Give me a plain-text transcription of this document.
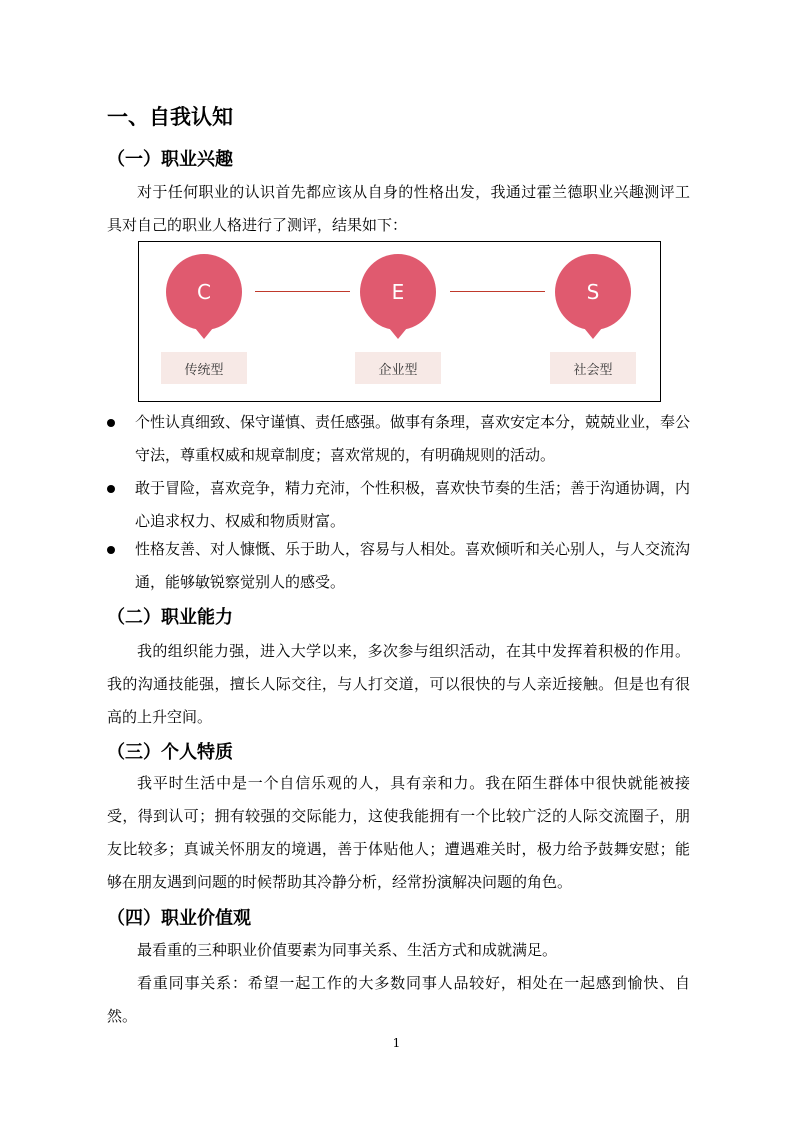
一、自我认知
（一）职业兴趣
对于任何职业的认识首先都应该从自身的性格出发，我通过霍兰德职业兴趣测评工具对自己的职业人格进行了测评，结果如下：
C	E	S
传统型	企业型	社会型
个性认真细致、保守谨慎、责任感强。做事有条理，喜欢安定本分，兢兢业业，奉公守法，尊重权威和规章制度；喜欢常规的，有明确规则的活动。
敢于冒险，喜欢竞争，精力充沛，个性积极，喜欢快节奏的生活；善于沟通协调，内心追求权力、权威和物质财富。
性格友善、对人慷慨、乐于助人，容易与人相处。喜欢倾听和关心别人，与人交流沟通，能够敏锐察觉别人的感受。
（二）职业能力
我的组织能力强，进入大学以来，多次参与组织活动，在其中发挥着积极的作用。我的沟通技能强，擅长人际交往，与人打交道，可以很快的与人亲近接触。但是也有很高的上升空间。
（三）个人特质
我平时生活中是一个自信乐观的人，具有亲和力。我在陌生群体中很快就能被接受，得到认可；拥有较强的交际能力，这使我能拥有一个比较广泛的人际交流圈子，朋友比较多；真诚关怀朋友的境遇，善于体贴他人；遭遇难关时，极力给予鼓舞安慰；能够在朋友遇到问题的时候帮助其冷静分析，经常扮演解决问题的角色。
（四）职业价值观
最看重的三种职业价值要素为同事关系、生活方式和成就满足。
看重同事关系：希望一起工作的大多数同事人品较好，相处在一起感到愉快、自然。
1
